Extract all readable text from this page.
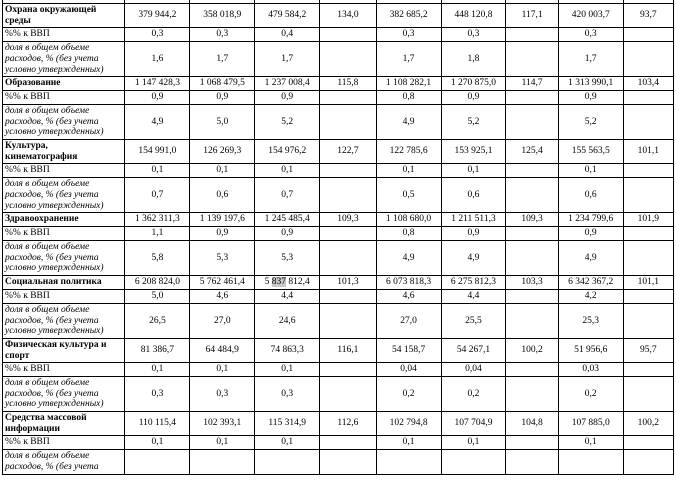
Охрана окружающей среды	379 944,2	358 018,9	479 584,2	134,0	382 685,2	448 120,8	117,1	420 003,7	93,7
%% к ВВП	0,3	0,3	0,4		0,3	0,3		0,3	
доля в общем объеме расходов, % (без учета условно утвержденных)	1,6	1,7	1,7		1,7	1,8		1,7	
Образование	1 147 428,3	1 068 479,5	1 237 008,4	115,8	1 108 282,1	1 270 875,0	114,7	1 313 990,1	103,4
%% к ВВП	0,9	0,9	0,9		0,8	0,9		0,9	
доля в общем объеме расходов, % (без учета условно утвержденных)	4,9	5,0	5,2		4,9	5,2		5,2	
Культура, кинематография	154 991,0	126 269,3	154 976,2	122,7	122 785,6	153 925,1	125,4	155 563,5	101,1
%% к ВВП	0,1	0,1	0,1		0,1	0,1		0,1	
доля в общем объеме расходов, % (без учета условно утвержденных)	0,7	0,6	0,7		0,5	0,6		0,6	
Здравоохранение	1 362 311,3	1 139 197,6	1 245 485,4	109,3	1 108 680,0	1 211 511,3	109,3	1 234 799,6	101,9
%% к ВВП	1,1	0,9	0,9		0,8	0,9		0,9	
доля в общем объеме расходов, % (без учета условно утвержденных)	5,8	5,3	5,3		4,9	4,9		4,9	
Социальная политика	6 208 824,0	5 762 461,4	5 837 812,4	101,3	6 073 818,3	6 275 812,3	103,3	6 342 367,2	101,1
%% к ВВП	5,0	4,6	4,4		4,6	4,4		4,2	
доля в общем объеме расходов, % (без учета условно утвержденных)	26,5	27,0	24,6		27,0	25,5		25,3	
Физическая культура и спорт	81 386,7	64 484,9	74 863,3	116,1	54 158,7	54 267,1	100,2	51 956,6	95,7
%% к ВВП	0,1	0,1	0,1		0,04	0,04		0,03	
доля в общем объеме расходов, % (без учета условно утвержденных)	0,3	0,3	0,3		0,2	0,2		0,2	
Средства массовой информации	110 115,4	102 393,1	115 314,9	112,6	102 794,8	107 704,9	104,8	107 885,0	100,2
%% к ВВП	0,1	0,1	0,1		0,1	0,1		0,1	
доля в общем объеме расходов, % (без учета									
